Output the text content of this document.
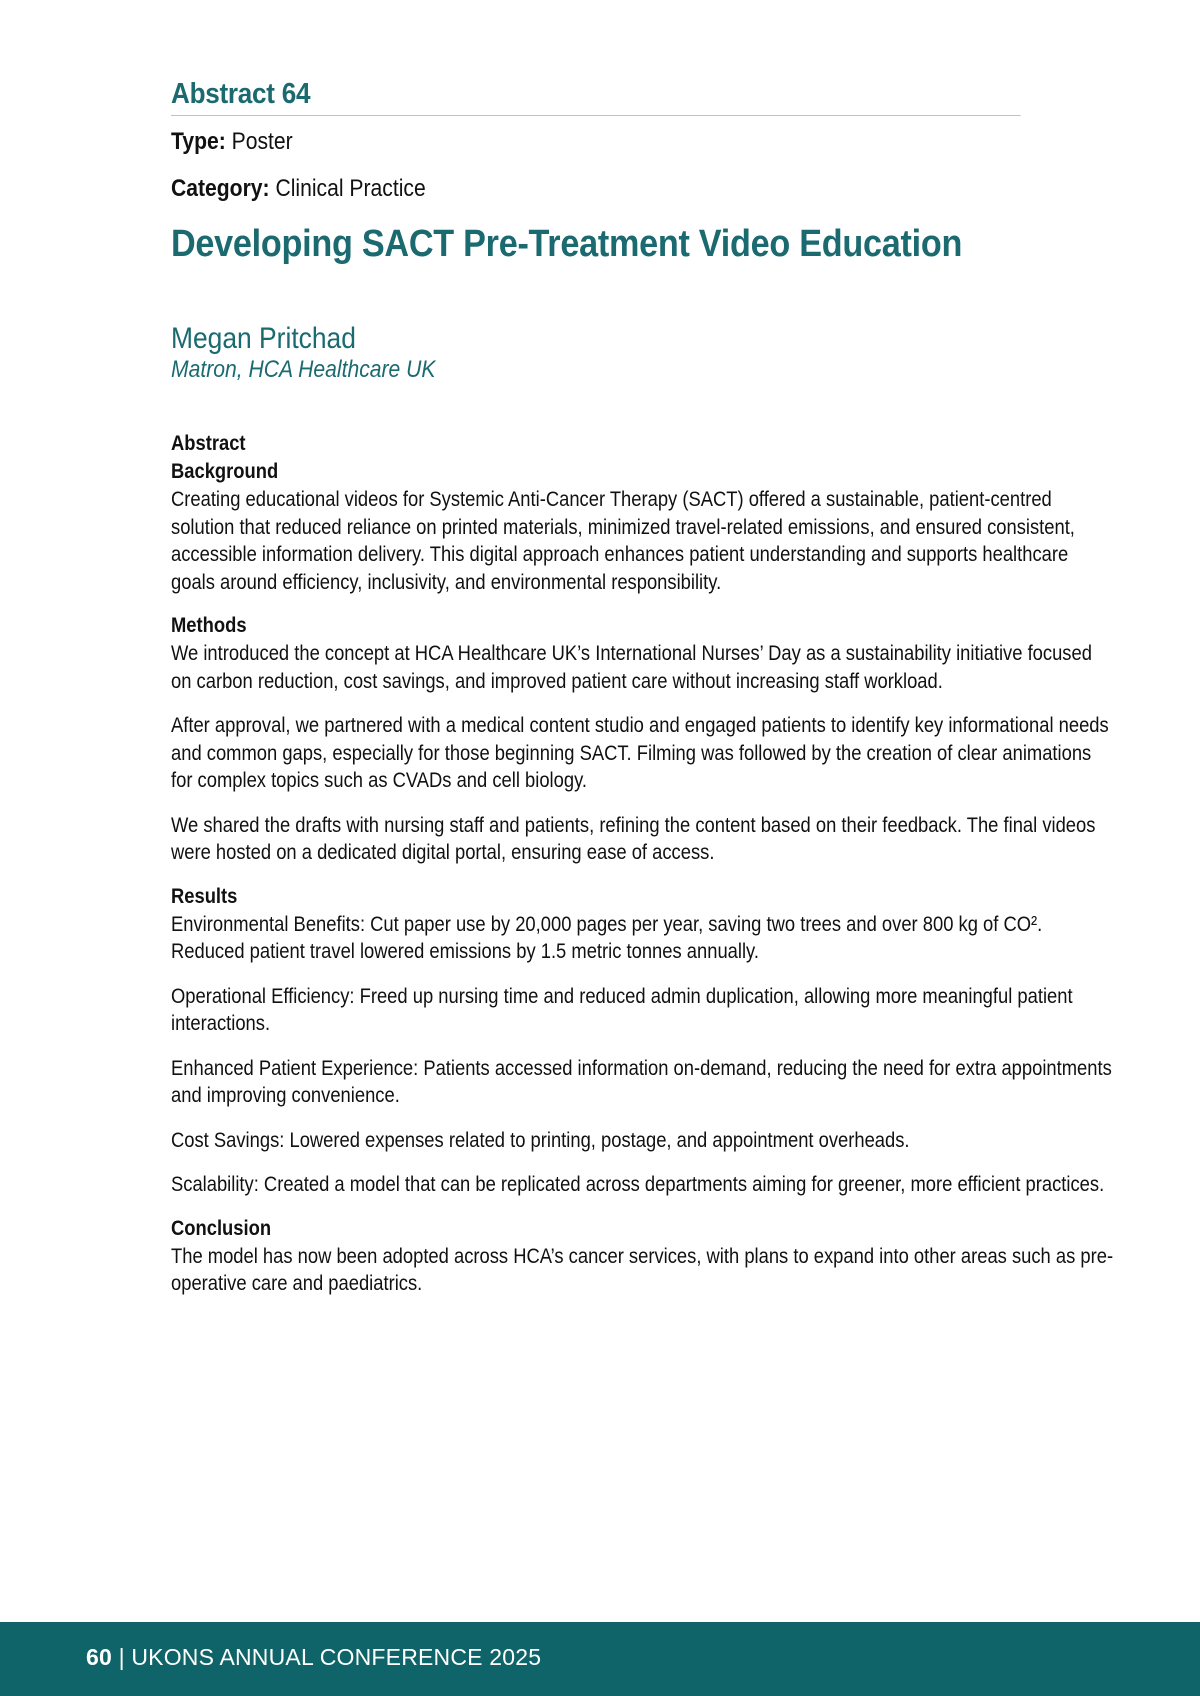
Abstract 64

Type: Poster

Category: Clinical Practice

Developing SACT Pre-Treatment Video Education

Megan Pritchad

Matron, HCA Healthcare UK

Abstract

Background

Creating educational videos for Systemic Anti-Cancer Therapy (SACT) offered a sustainable, patient-centred solution that reduced reliance on printed materials, minimized travel-related emissions, and ensured consistent, accessible information delivery. This digital approach enhances patient understanding and supports healthcare goals around efficiency, inclusivity, and environmental responsibility.

Methods

We introduced the concept at HCA Healthcare UK’s International Nurses’ Day as a sustainability initiative focused on carbon reduction, cost savings, and improved patient care without increasing staff workload.

After approval, we partnered with a medical content studio and engaged patients to identify key informational needs and common gaps, especially for those beginning SACT. Filming was followed by the creation of clear animations for complex topics such as CVADs and cell biology.

We shared the drafts with nursing staff and patients, refining the content based on their feedback. The final videos were hosted on a dedicated digital portal, ensuring ease of access.

Results

Environmental Benefits: Cut paper use by 20,000 pages per year, saving two trees and over 800 kg of CO². Reduced patient travel lowered emissions by 1.5 metric tonnes annually.

Operational Efficiency: Freed up nursing time and reduced admin duplication, allowing more meaningful patient interactions.

Enhanced Patient Experience: Patients accessed information on-demand, reducing the need for extra appointments and improving convenience.

Cost Savings: Lowered expenses related to printing, postage, and appointment overheads.

Scalability: Created a model that can be replicated across departments aiming for greener, more efficient practices.

Conclusion

The model has now been adopted across HCA’s cancer services, with plans to expand into other areas such as pre-operative care and paediatrics.

60 | UKONS ANNUAL CONFERENCE 2025
